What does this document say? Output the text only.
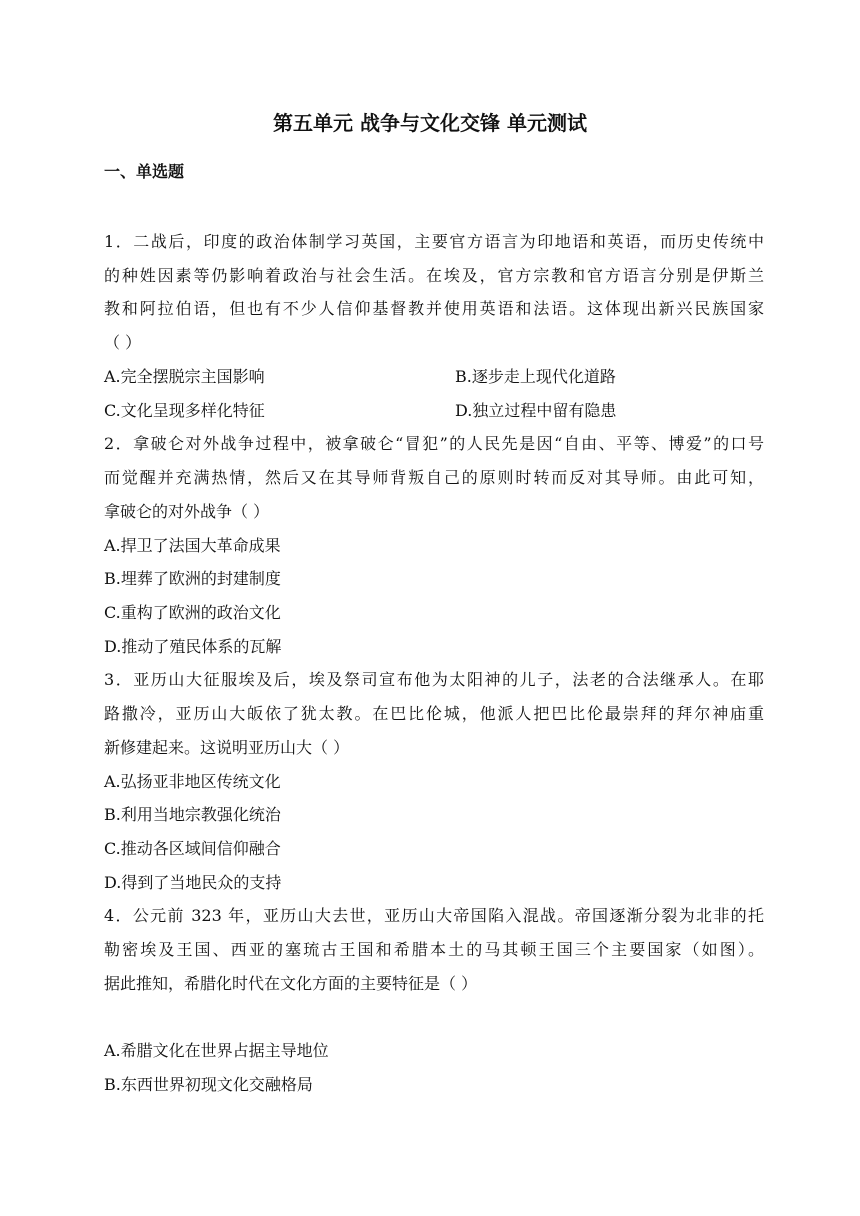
第五单元 战争与文化交锋 单元测试
一、单选题
1．二战后，印度的政治体制学习英国，主要官方语言为印地语和英语，而历史传统中
的种姓因素等仍影响着政治与社会生活。在埃及，官方宗教和官方语言分别是伊斯兰
教和阿拉伯语，但也有不少人信仰基督教并使用英语和法语。这体现出新兴民族国家
（ ）
A.完全摆脱宗主国影响	B.逐步走上现代化道路
C.文化呈现多样化特征	D.独立过程中留有隐患
2．拿破仑对外战争过程中，被拿破仑“冒犯”的人民先是因“自由、平等、博爱”的口号
而觉醒并充满热情，然后又在其导师背叛自己的原则时转而反对其导师。由此可知，
拿破仑的对外战争（ ）
A.捍卫了法国大革命成果
B.埋葬了欧洲的封建制度
C.重构了欧洲的政治文化
D.推动了殖民体系的瓦解
3．亚历山大征服埃及后，埃及祭司宣布他为太阳神的儿子，法老的合法继承人。在耶
路撒冷，亚历山大皈依了犹太教。在巴比伦城，他派人把巴比伦最崇拜的拜尔神庙重
新修建起来。这说明亚历山大（ ）
A.弘扬亚非地区传统文化
B.利用当地宗教强化统治
C.推动各区域间信仰融合
D.得到了当地民众的支持
4．公元前 323 年，亚历山大去世，亚历山大帝国陷入混战。帝国逐渐分裂为北非的托
勒密埃及王国、西亚的塞琉古王国和希腊本土的马其顿王国三个主要国家（如图）。
据此推知，希腊化时代在文化方面的主要特征是（ ）
A.希腊文化在世界占据主导地位
B.东西世界初现文化交融格局
